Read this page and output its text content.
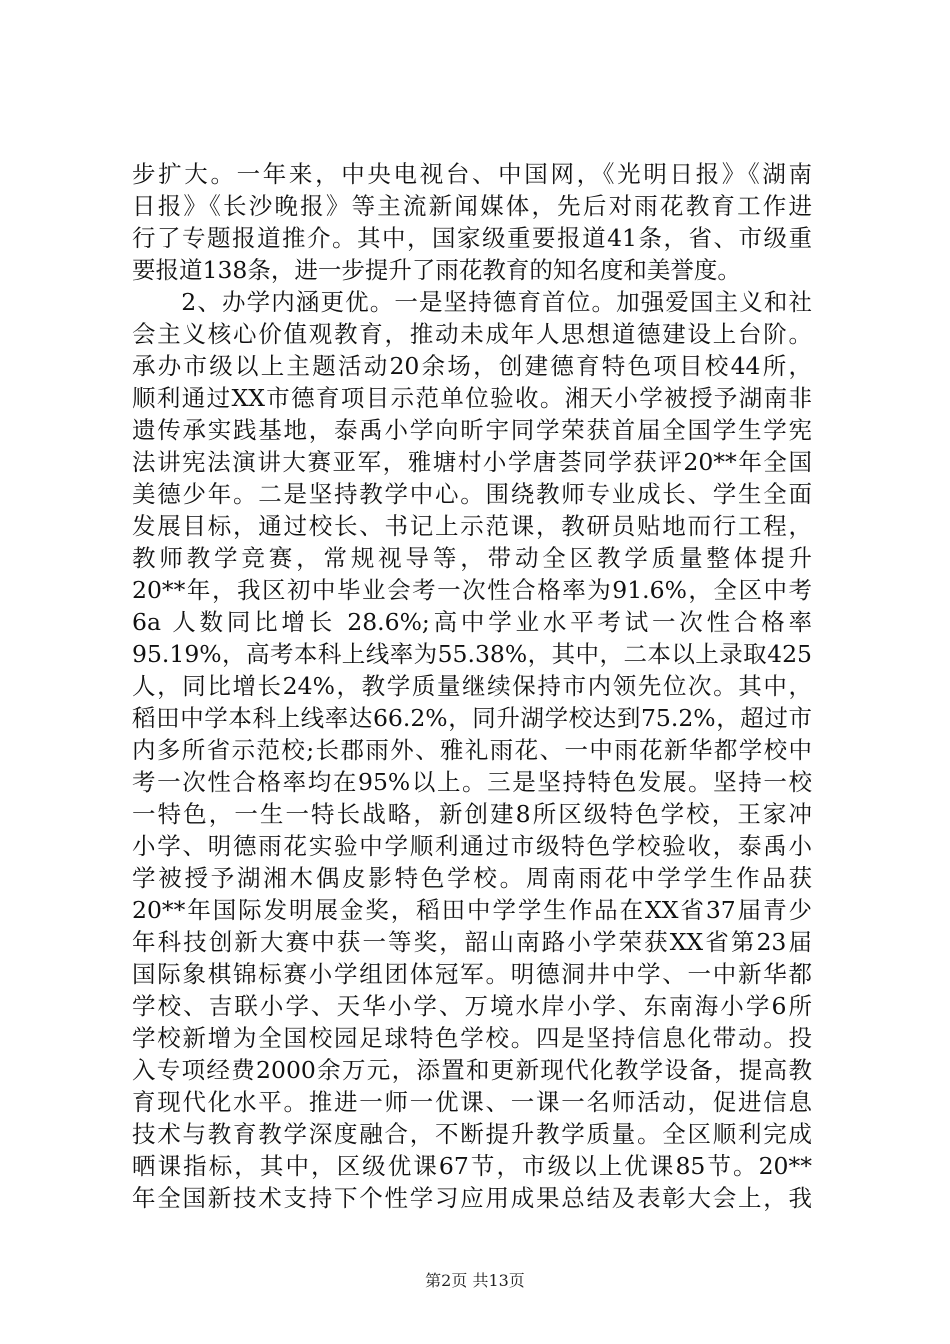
步扩大。一年来，中央电视台、中国网，《光明日报》《湖南
日报》《长沙晚报》等主流新闻媒体，先后对雨花教育工作进
行了专题报道推介。其中，国家级重要报道41条，省、市级重
要报道138条，进一步提升了雨花教育的知名度和美誉度。
　　2、办学内涵更优。一是坚持德育首位。加强爱国主义和社
会主义核心价值观教育，推动未成年人思想道德建设上台阶。
承办市级以上主题活动20余场，创建德育特色项目校44所，
顺利通过XX市德育项目示范单位验收。湘天小学被授予湖南非
遗传承实践基地，泰禹小学向昕宇同学荣获首届全国学生学宪
法讲宪法演讲大赛亚军，雅塘村小学唐荟同学获评20**年全国
美德少年。二是坚持教学中心。围绕教师专业成长、学生全面
发展目标，通过校长、书记上示范课，教研员贴地而行工程，
教师教学竞赛，常规视导等，带动全区教学质量整体提升
20**年，我区初中毕业会考一次性合格率为91.6%，全区中考
6a 人数同比增长 28.6%;高中学业水平考试一次性合格率
95.19%，高考本科上线率为55.38%，其中，二本以上录取425
人，同比增长24%，教学质量继续保持市内领先位次。其中，
稻田中学本科上线率达66.2%，同升湖学校达到75.2%，超过市
内多所省示范校;长郡雨外、雅礼雨花、一中雨花新华都学校中
考一次性合格率均在95%以上。三是坚持特色发展。坚持一校
一特色，一生一特长战略，新创建8所区级特色学校，王家冲
小学、明德雨花实验中学顺利通过市级特色学校验收，泰禹小
学被授予湖湘木偶皮影特色学校。周南雨花中学学生作品获
20**年国际发明展金奖，稻田中学学生作品在XX省37届青少
年科技创新大赛中获一等奖，韶山南路小学荣获XX省第23届
国际象棋锦标赛小学组团体冠军。明德洞井中学、一中新华都
学校、吉联小学、天华小学、万境水岸小学、东南海小学6所
学校新增为全国校园足球特色学校。四是坚持信息化带动。投
入专项经费2000余万元，添置和更新现代化教学设备，提高教
育现代化水平。推进一师一优课、一课一名师活动，促进信息
技术与教育教学深度融合，不断提升教学质量。全区顺利完成
晒课指标，其中，区级优课67节，市级以上优课85节。20**
年全国新技术支持下个性学习应用成果总结及表彰大会上，我
第2页 共13页
